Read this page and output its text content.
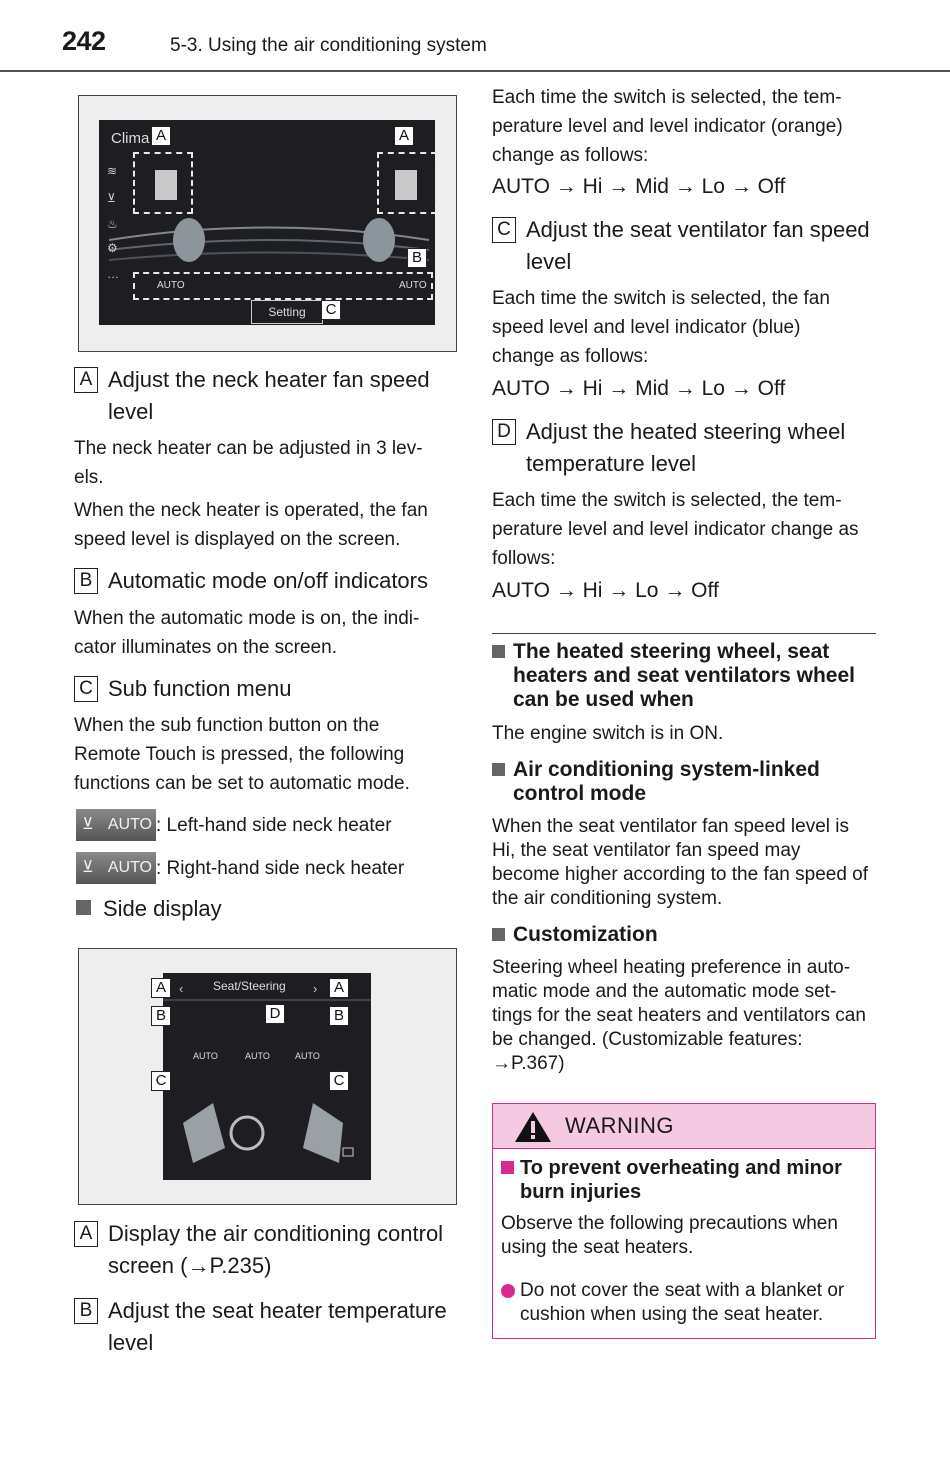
242	5-3. Using the air conditioning system
Clima
≋
⊻
♨
⚙
…
AUTO	AUTO
Setting
A	A
B
C
A Adjust the neck heater fan speed level
The neck heater can be adjusted in 3 lev-els.
When the neck heater is operated, the fan speed level is displayed on the screen.
B Automatic mode on/off indicators
When the automatic mode is on, the indi-cator illuminates on the screen.
C Sub function menu
When the sub function button on the Remote Touch is pressed, the following functions can be set to automatic mode.
⊻ AUTO : Left-hand side neck heater
⊻ AUTO : Right-hand side neck heater
Side display
Seat/Steering
‹	›
AUTO	AUTO	AUTO
A	A
B	D	B
C	C
A Display the air conditioning control screen (→P.235)
B Adjust the seat heater temperature level
Each time the switch is selected, the tem-perature level and level indicator (orange) change as follows:
AUTO → Hi → Mid → Lo → Off
C Adjust the seat ventilator fan speed level
Each time the switch is selected, the fan speed level and level indicator (blue) change as follows:
AUTO → Hi → Mid → Lo → Off
D Adjust the heated steering wheel temperature level
Each time the switch is selected, the tem-perature level and level indicator change as follows:
AUTO → Hi → Lo → Off
The heated steering wheel, seat heaters and seat ventilators wheel can be used when
The engine switch is in ON.
Air conditioning system-linked control mode
When the seat ventilator fan speed level is Hi, the seat ventilator fan speed may become higher according to the fan speed of the air conditioning system.
Customization
Steering wheel heating preference in auto-matic mode and the automatic mode set-tings for the seat heaters and ventilators can be changed. (Customizable features: →P.367)
WARNING
To prevent overheating and minor burn injuries
Observe the following precautions when using the seat heaters.
Do not cover the seat with a blanket or cushion when using the seat heater.
